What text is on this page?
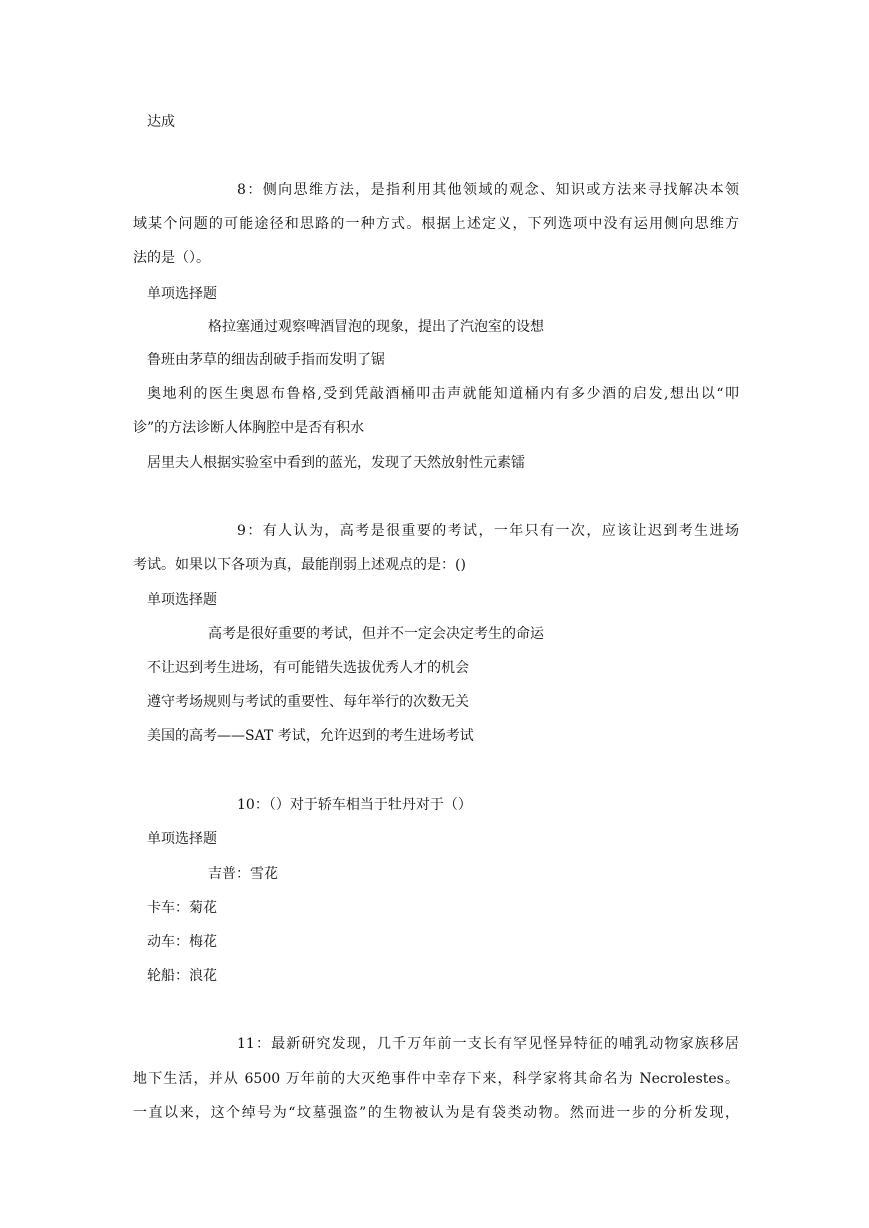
达成

8：侧向思维方法，是指利用其他领域的观念、知识或方法来寻找解决本领

域某个问题的可能途径和思路的一种方式。根据上述定义，下列选项中没有运用侧向思维方

法的是（）。

单项选择题

格拉塞通过观察啤酒冒泡的现象，提出了汽泡室的设想

鲁班由茅草的细齿刮破手指而发明了锯

奥地利的医生奥恩布鲁格,受到凭敲酒桶叩击声就能知道桶内有多少酒的启发,想出以“叩

诊”的方法诊断人体胸腔中是否有积水

居里夫人根据实验室中看到的蓝光，发现了天然放射性元素镭

9：有人认为，高考是很重要的考试，一年只有一次，应该让迟到考生进场

考试。如果以下各项为真，最能削弱上述观点的是：()

单项选择题

高考是很好重要的考试，但并不一定会决定考生的命运

不让迟到考生进场，有可能错失选拔优秀人才的机会

遵守考场规则与考试的重要性、每年举行的次数无关

美国的高考——SAT 考试，允许迟到的考生进场考试

10：（）对于轿车相当于牡丹对于（）

单项选择题

吉普：雪花

卡车：菊花

动车：梅花

轮船：浪花

11：最新研究发现，几千万年前一支长有罕见怪异特征的哺乳动物家族移居

地下生活，并从 6500 万年前的大灭绝事件中幸存下来，科学家将其命名为 Necrolestes。

一直以来，这个绰号为“坟墓强盗”的生物被认为是有袋类动物。然而进一步的分析发现，
